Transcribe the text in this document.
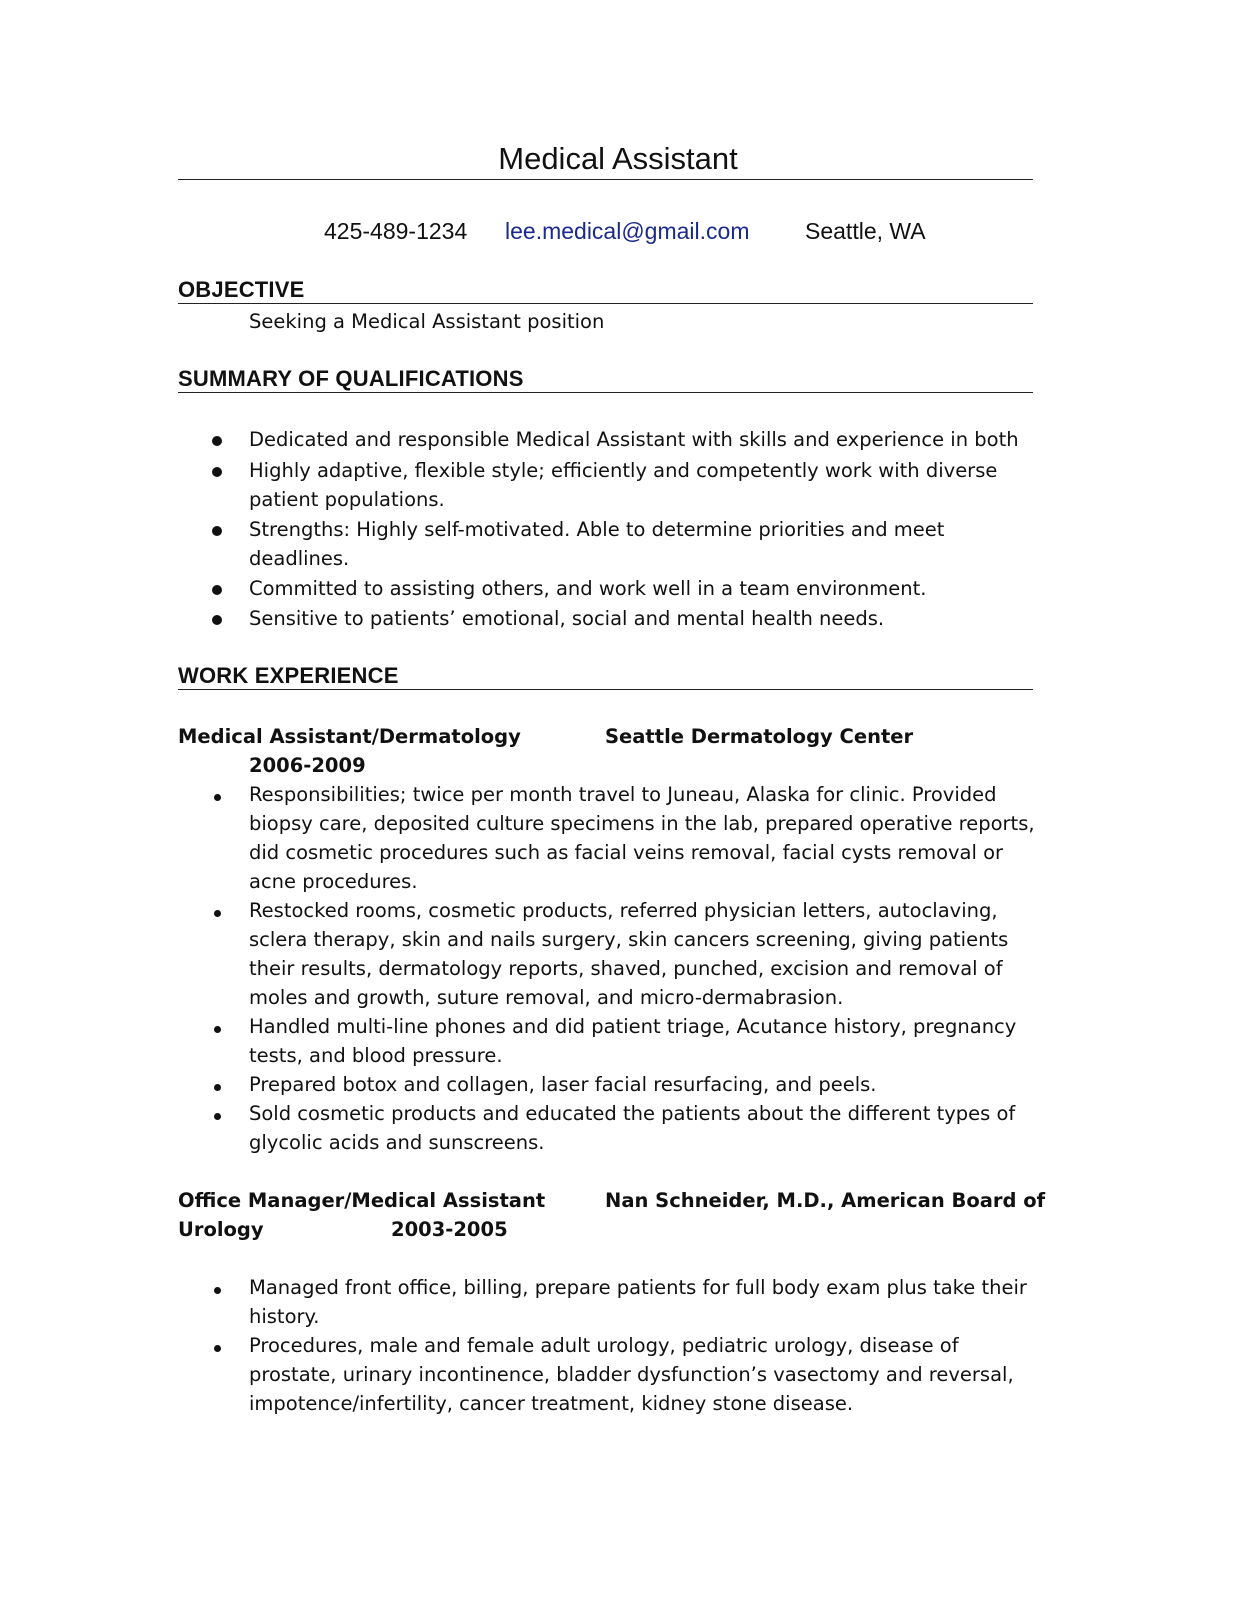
Medical Assistant
425-489-1234 lee.medical@gmail.com Seattle, WA
OBJECTIVE
Seeking a Medical Assistant position
SUMMARY OF QUALIFICATIONS
Dedicated and responsible Medical Assistant with skills and experience in both
Highly adaptive, flexible style; efficiently and competently work with diverse
patient populations.
Strengths: Highly self-motivated. Able to determine priorities and meet
deadlines.
Committed to assisting others, and work well in a team environment.
Sensitive to patients’ emotional, social and mental health needs.
WORK EXPERIENCE
Medical Assistant/Dermatology	Seattle Dermatology Center
2006-2009
Responsibilities; twice per month travel to Juneau, Alaska for clinic. Provided
biopsy care, deposited culture specimens in the lab, prepared operative reports,
did cosmetic procedures such as facial veins removal, facial cysts removal or
acne procedures.
Restocked rooms, cosmetic products, referred physician letters, autoclaving,
sclera therapy, skin and nails surgery, skin cancers screening, giving patients
their results, dermatology reports, shaved, punched, excision and removal of
moles and growth, suture removal, and micro-dermabrasion.
Handled multi-line phones and did patient triage, Acutance history, pregnancy
tests, and blood pressure.
Prepared botox and collagen, laser facial resurfacing, and peels.
Sold cosmetic products and educated the patients about the different types of
glycolic acids and sunscreens.
Office Manager/Medical Assistant	Nan Schneider, M.D., American Board of
Urology	2003-2005
Managed front office, billing, prepare patients for full body exam plus take their
history.
Procedures, male and female adult urology, pediatric urology, disease of
prostate, urinary incontinence, bladder dysfunction’s vasectomy and reversal,
impotence/infertility, cancer treatment, kidney stone disease.
